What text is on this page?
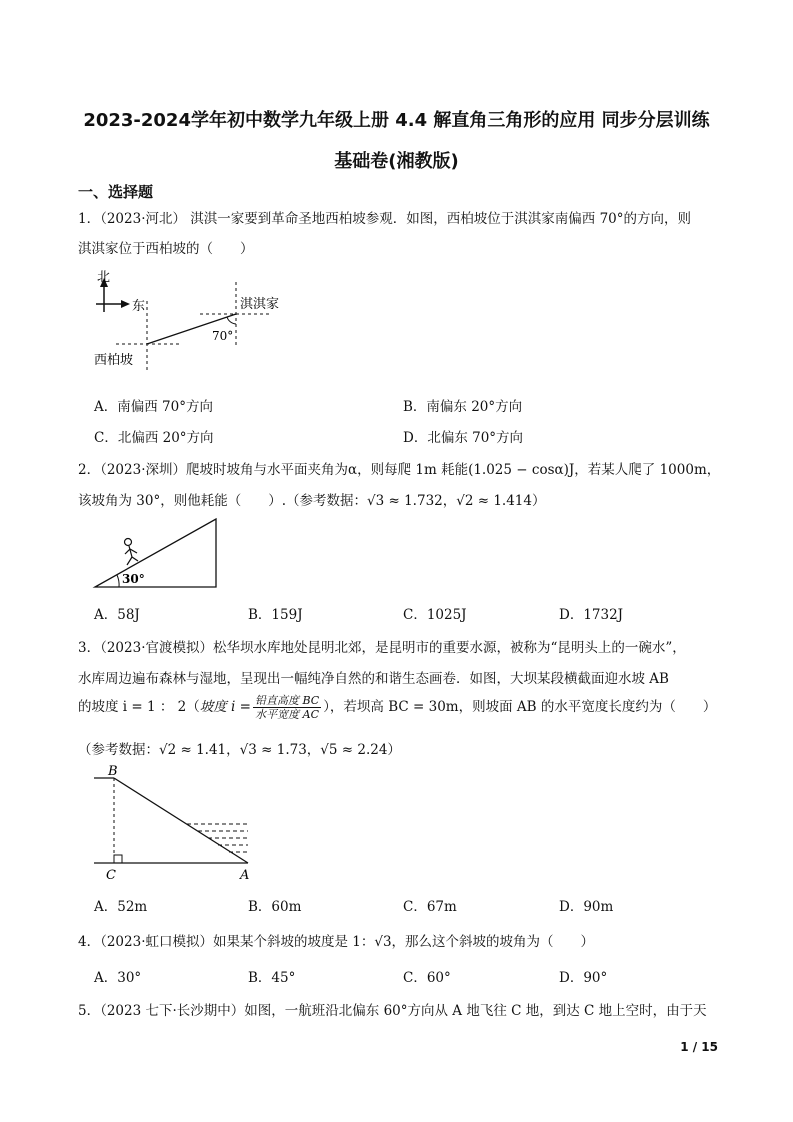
2023-2024学年初中数学九年级上册 4.4 解直角三角形的应用 同步分层训练
基础卷(湘教版)
一、选择题
1．（2023·河北） 淇淇一家要到革命圣地西柏坡参观．如图，西柏坡位于淇淇家南偏西 70°的方向，则
淇淇家位于西柏坡的（　　）
北
东
70°
淇淇家
西柏坡
A．南偏西 70°方向	B．南偏东 20°方向
C．北偏西 20°方向	D．北偏东 70°方向
2．（2023·深圳）爬坡时坡角与水平面夹角为α，则每爬 1m 耗能(1.025 − cosα)J，若某人爬了 1000m，
该坡角为 30°，则他耗能（　　）.（参考数据：√3 ≈ 1.732，√2 ≈ 1.414）
30°
A．58J	B．159J	C．1025J	D．1732J
3．（2023·官渡模拟）松华坝水库地处昆明北郊，是昆明市的重要水源，被称为“昆明头上的一碗水”，
水库周边遍布森林与湿地，呈现出一幅纯净自然的和谐生态画卷．如图，大坝某段横截面迎水坡 AB
的坡度 i = 1 ： 2（坡度 $i = \frac{\text{铅直高度 BC}}{\text{水平宽度 AC}}$ ），若坝高 BC = 30m，则坡面 AB 的水平宽度长度约为（　　）
（参考数据：√2 ≈ 1.41，√3 ≈ 1.73，√5 ≈ 2.24）
B
C	A
A．52m	B．60m	C．67m	D．90m
4．（2023·虹口模拟）如果某个斜坡的坡度是 1：√3，那么这个斜坡的坡角为（　　）
A．30°	B．45°	C．60°	D．90°
5．（2023 七下·长沙期中）如图，一航班沿北偏东 60°方向从 A 地飞往 C 地，到达 C 地上空时，由于天
1 / 15
